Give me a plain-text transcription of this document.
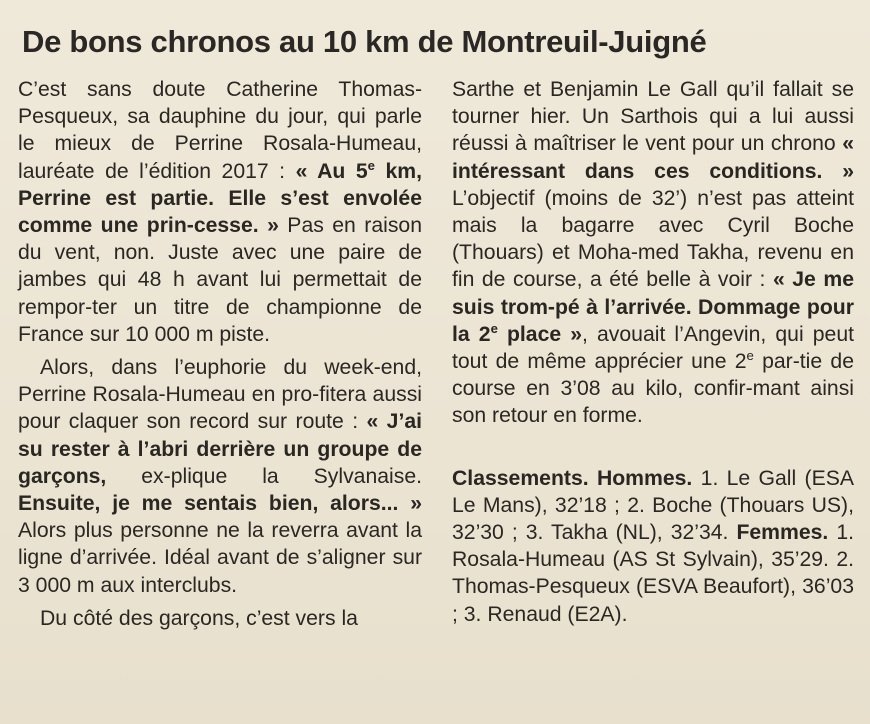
De bons chronos au 10 km de Montreuil-Juigné

C’est sans doute Catherine Thomas-Pesqueux, sa dauphine du jour, qui parle le mieux de Perrine Rosala-Humeau, lauréate de l’édition 2017 : « Au 5e km, Perrine est partie. Elle s’est envolée comme une prin-cesse. » Pas en raison du vent, non. Juste avec une paire de jambes qui 48 h avant lui permettait de rempor-ter un titre de championne de France sur 10 000 m piste.

Alors, dans l’euphorie du week-end, Perrine Rosala-Humeau en pro-fitera aussi pour claquer son record sur route : « J’ai su rester à l’abri derrière un groupe de garçons, ex-plique la Sylvanaise. Ensuite, je me sentais bien, alors... » Alors plus personne ne la reverra avant la ligne d’arrivée. Idéal avant de s’aligner sur 3 000 m aux interclubs.

Du côté des garçons, c’est vers la

Sarthe et Benjamin Le Gall qu’il fallait se tourner hier. Un Sarthois qui a lui aussi réussi à maîtriser le vent pour un chrono « intéressant dans ces conditions. » L’objectif (moins de 32’) n’est pas atteint mais la bagarre avec Cyril Boche (Thouars) et Moha-med Takha, revenu en fin de course, a été belle à voir : « Je me suis trom-pé à l’arrivée. Dommage pour la 2e place », avouait l’Angevin, qui peut tout de même apprécier une 2e par-tie de course en 3’08 au kilo, confir-mant ainsi son retour en forme.

Classements. Hommes. 1. Le Gall (ESA Le Mans), 32’18 ; 2. Boche (Thouars US), 32’30 ; 3. Takha (NL), 32’34. Femmes. 1. Rosala-Humeau (AS St Sylvain), 35’29. 2. Thomas-Pesqueux (ESVA Beaufort), 36’03 ; 3. Renaud (E2A).
